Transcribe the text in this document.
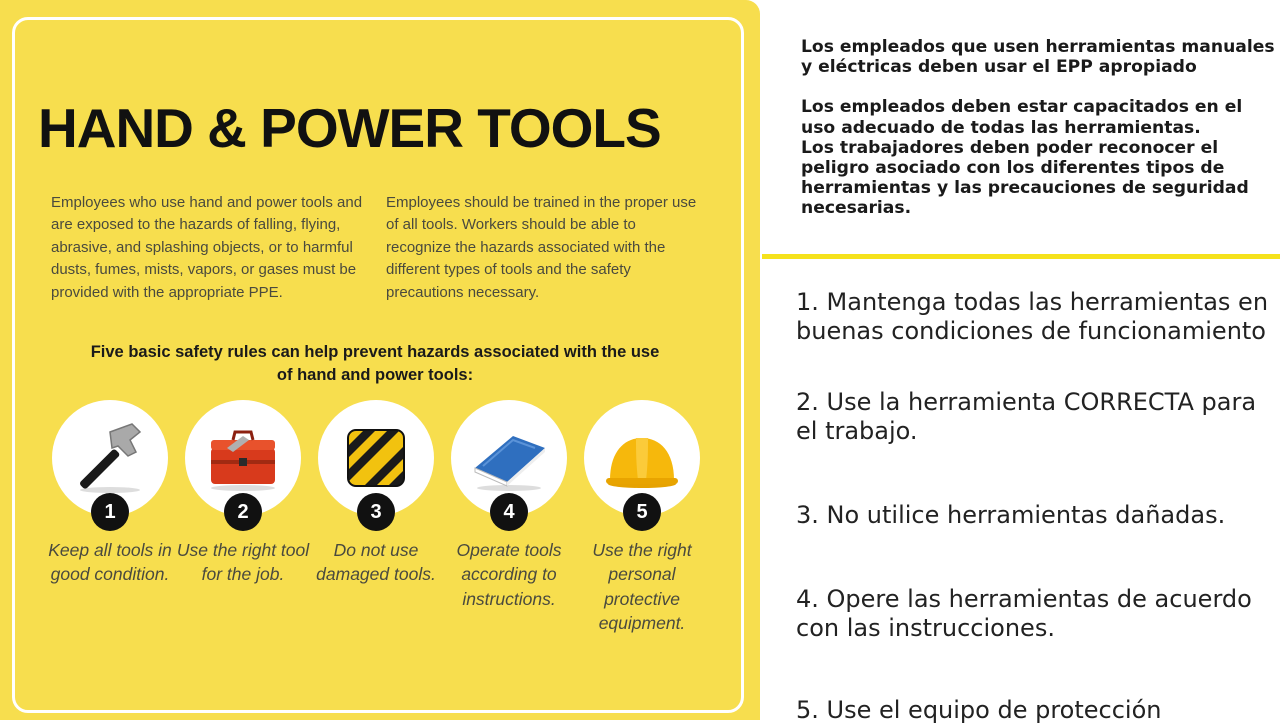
HAND & POWER TOOLS
Employees who use hand and power tools and are exposed to the hazards of falling, flying, abrasive, and splashing objects, or to harmful dusts, fumes, mists, vapors, or gases must be provided with the appropriate PPE.
Employees should be trained in the proper use of all tools. Workers should be able to recognize the hazards associated with the different types of tools and the safety precautions necessary.
Five basic safety rules can help prevent hazards associated with the use of hand and power tools:
1
Keep all tools in good condition.
2
Use the right tool for the job.
3
Do not use damaged tools.
4
Operate tools according to instructions.
5
Use the right personal protective equipment.

Los empleados que usen herramientas manuales y eléctricas deben usar el EPP apropiado

Los empleados deben estar capacitados en el uso adecuado de todas las herramientas.

Los trabajadores deben poder reconocer el peligro asociado con los diferentes tipos de herramientas y las precauciones de seguridad necesarias.

1. Mantenga todas las herramientas en buenas condiciones de funcionamiento
2. Use la herramienta CORRECTA para el trabajo.
3. No utilice herramientas dañadas.
4. Opere las herramientas de acuerdo con las instrucciones.
5. Use el equipo de protección
